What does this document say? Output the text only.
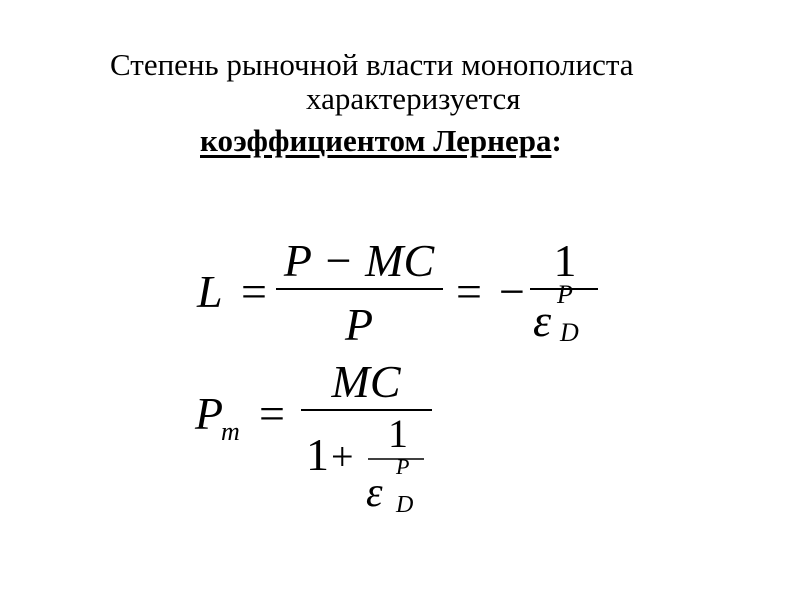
Степень рыночной власти монополиста
характеризуется
коэффициентом Лернера:
L =
P − MC
P
= −
1
ε
P
D
P
m =
MC
1 +
1
ε
P
D
